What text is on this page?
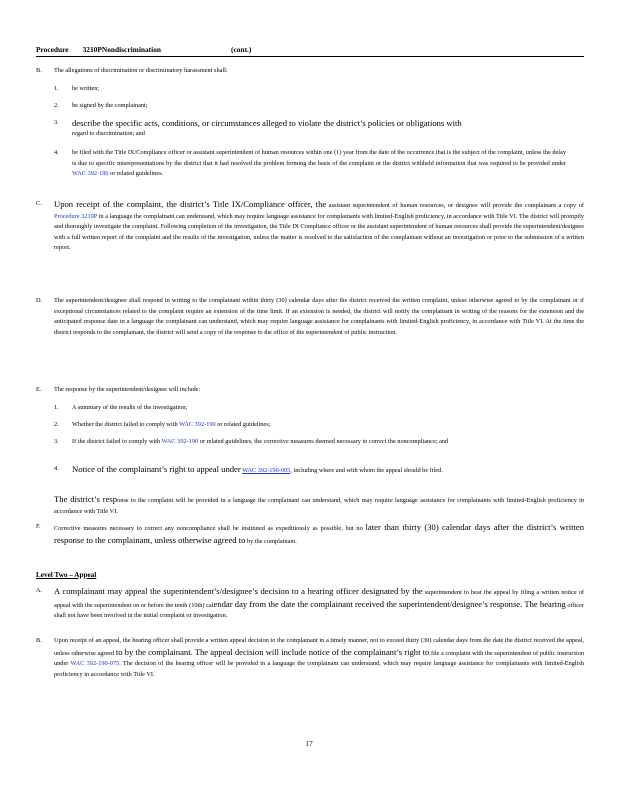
Procedure 3210PNondiscrimination	(cont.)
B.	The allegations of discrimination or discriminatory harassment shall:
1.	be written;
2.	be signed by the complainant;
3.	describe the specific acts, conditions, or circumstances alleged to violate the district’s policies or obligations with
regard to discrimination; and
4.	be filed with the Title IX/Compliance officer or assistant superintendent of human resources within one (1) year from the date of the occurrence that is the subject of the complaint, unless the delay is due to specific misrepresentations by the district that it had resolved the problem forming the basis of the complaint or the district withheld information that was required to be provided under WAC 392-190 or related guidelines.
C.	Upon receipt of the complaint, the district’s Title IX/Compliance officer, the assistant superintendent of human resources, or designee will provide the complainant a copy of Procedure 3210P in a language the complainant can understand, which may require language assistance for complainants with limited-English proficiency, in accordance with Title VI. The district will promptly and thoroughly investigate the complaint. Following completion of the investigation, the Title IX Compliance officer or the assistant superintendent of human resources shall provide the superintendent/designee with a full written report of the complaint and the results of the investigation, unless the matter is resolved to the satisfaction of the complainant without an investigation or prior to the submission of a written report.
D.	The superintendent/designee shall respond in writing to the complainant within thirty (30) calendar days after the district received the written complaint, unless otherwise agreed to by the complainant or if exceptional circumstances related to the complaint require an extension of the time limit. If an extension is needed, the district will notify the complainant in writing of the reasons for the extension and the anticipated response date in a language the complainant can understand, which may require language assistance for complainants with limited-English proficiency, in accordance with Title VI. At the time the district responds to the complainant, the district will send a copy of the response to the office of the superintendent of public instruction.
E.	The response by the superintendent/designee will include:
1.	A summary of the results of the investigation;
2.	Whether the district failed to comply with WAC 392-190 or related guidelines;
3.	If the district failed to comply with WAC 392-190 or related guidelines, the corrective measures deemed necessary to correct the noncompliance; and
4.	Notice of the complainant’s right to appeal under WAC 392-190-005, including where and with whom the appeal should be filed.
The district’s response to the complaint will be provided in a language the complainant can understand, which may require language assistance for complainants with limited-English proficiency in accordance with Title VI.
F.	Corrective measures necessary to correct any noncompliance shall be instituted as expeditiously as possible, but no later than thirty (30) calendar days after the district’s written response to the complainant, unless otherwise agreed to by the complainant.
Level Two – Appeal
A.	A complainant may appeal the superintendent’s/designee’s decision to a hearing officer designated by the superintendent to hear the appeal by filing a written notice of appeal with the superintendent on or before the tenth (10th) calendar day from the date the complainant received the superintendent/designee’s response. The hearing officer shall not have been involved in the initial complaint or investigation.
B.	Upon receipt of an appeal, the hearing officer shall provide a written appeal decision to the complainant in a timely manner, not to exceed thirty (30) calendar days from the date the district received the appeal, unless otherwise agreed to by the complainant. The appeal decision will include notice of the complainant’s right to file a complaint with the superintendent of public instruction under WAC 392-190-075. The decision of the hearing officer will be provided in a language the complainant can understand, which may require language assistance for complainants with limited-English proficiency in accordance with Title VI.
17
